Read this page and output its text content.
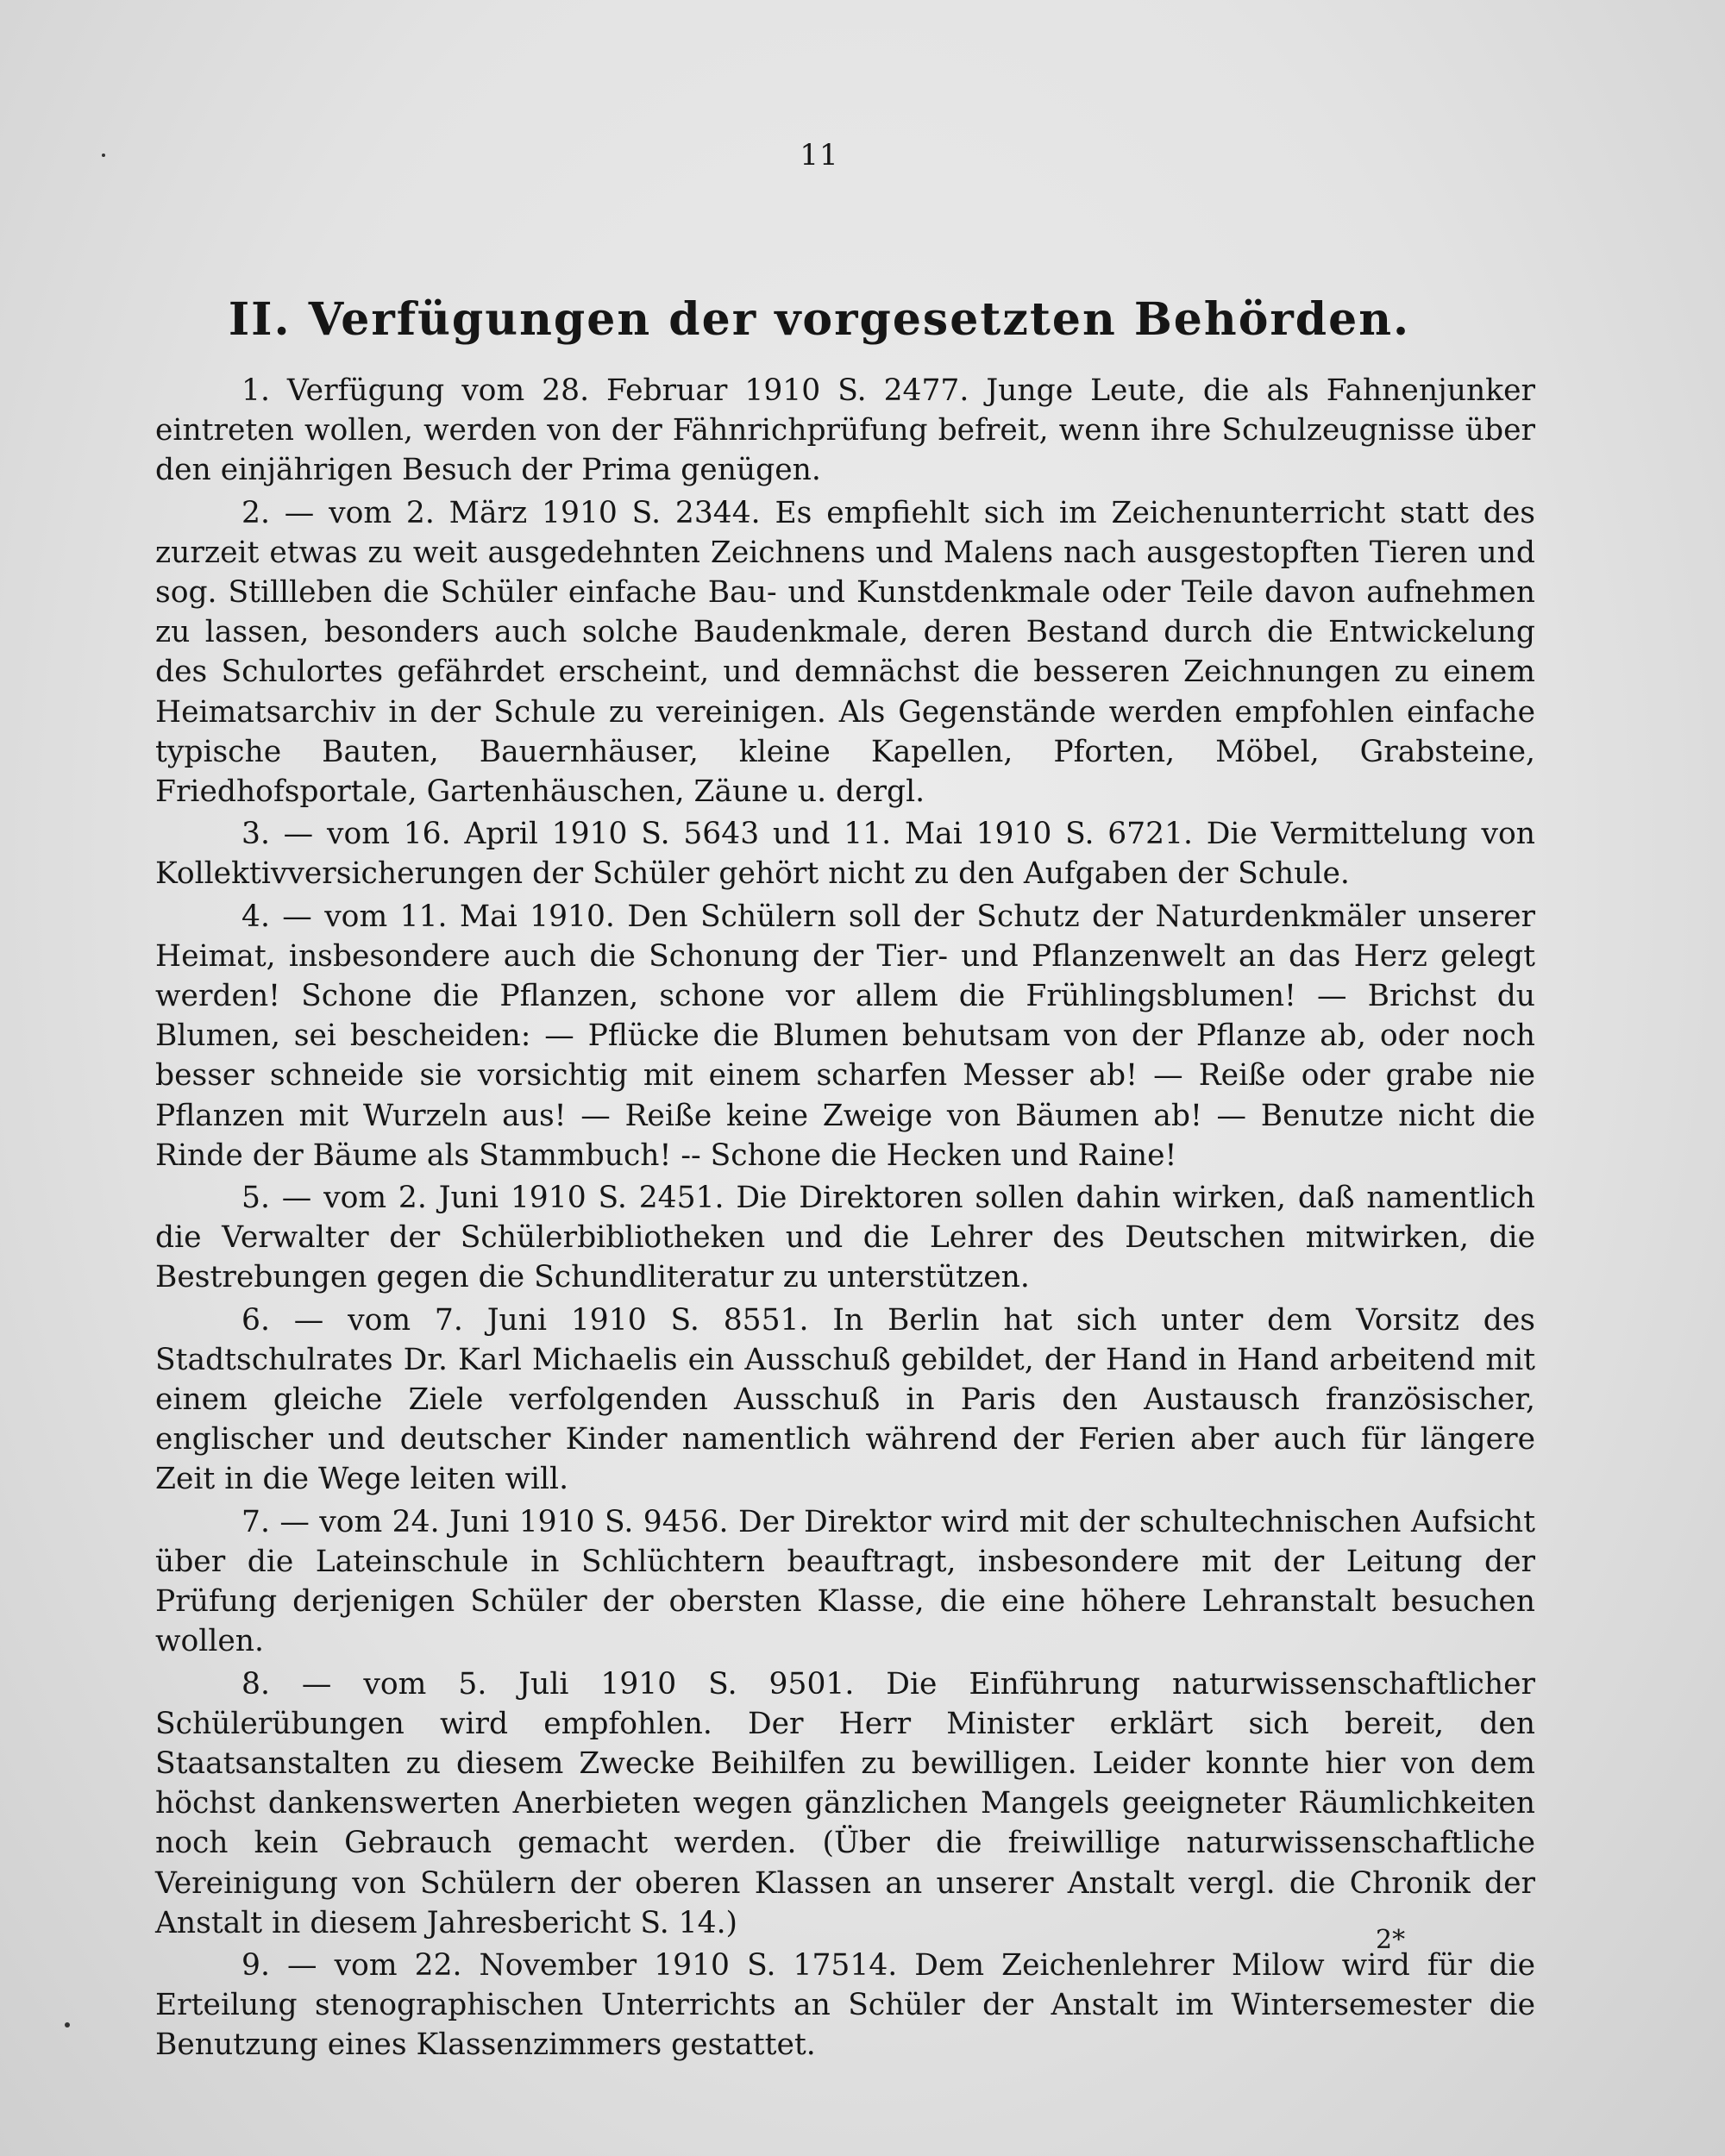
11
II. Verfügungen der vorgesetzten Behörden.

1. Verfügung vom 28. Februar 1910 S. 2477. Junge Leute, die als Fahnenjunker eintreten wollen, werden von der Fähnrichprüfung befreit, wenn ihre Schulzeugnisse über den einjährigen Besuch der Prima genügen.

2. — vom 2. März 1910 S. 2344. Es empfiehlt sich im Zeichenunterricht statt des zurzeit etwas zu weit ausgedehnten Zeichnens und Malens nach ausgestopften Tieren und sog. Stillleben die Schüler einfache Bau- und Kunstdenkmale oder Teile davon aufnehmen zu lassen, besonders auch solche Baudenkmale, deren Bestand durch die Entwickelung des Schulortes gefährdet erscheint, und demnächst die besseren Zeichnungen zu einem Heimatsarchiv in der Schule zu vereinigen. Als Gegenstände werden empfohlen einfache typische Bauten, Bauernhäuser, kleine Kapellen, Pforten, Möbel, Grabsteine, Friedhofsportale, Gartenhäuschen, Zäune u. dergl.

3. — vom 16. April 1910 S. 5643 und 11. Mai 1910 S. 6721. Die Vermittelung von Kollektivversicherungen der Schüler gehört nicht zu den Aufgaben der Schule.

4. — vom 11. Mai 1910. Den Schülern soll der Schutz der Naturdenkmäler unserer Heimat, insbesondere auch die Schonung der Tier- und Pflanzenwelt an das Herz gelegt werden! Schone die Pflanzen, schone vor allem die Frühlingsblumen! — Brichst du Blumen, sei bescheiden: — Pflücke die Blumen behutsam von der Pflanze ab, oder noch besser schneide sie vorsichtig mit einem scharfen Messer ab! — Reiße oder grabe nie Pflanzen mit Wurzeln aus! — Reiße keine Zweige von Bäumen ab! — Benutze nicht die Rinde der Bäume als Stammbuch! -- Schone die Hecken und Raine!

5. — vom 2. Juni 1910 S. 2451. Die Direktoren sollen dahin wirken, daß namentlich die Verwalter der Schülerbibliotheken und die Lehrer des Deutschen mitwirken, die Bestrebungen gegen die Schundliteratur zu unterstützen.

6. — vom 7. Juni 1910 S. 8551. In Berlin hat sich unter dem Vorsitz des Stadtschulrates Dr. Karl Michaelis ein Ausschuß gebildet, der Hand in Hand arbeitend mit einem gleiche Ziele verfolgenden Ausschuß in Paris den Austausch französischer, englischer und deutscher Kinder namentlich während der Ferien aber auch für längere Zeit in die Wege leiten will.

7. — vom 24. Juni 1910 S. 9456. Der Direktor wird mit der schultechnischen Aufsicht über die Lateinschule in Schlüchtern beauftragt, insbesondere mit der Leitung der Prüfung derjenigen Schüler der obersten Klasse, die eine höhere Lehranstalt besuchen wollen.

8. — vom 5. Juli 1910 S. 9501. Die Einführung naturwissenschaftlicher Schülerübungen wird empfohlen. Der Herr Minister erklärt sich bereit, den Staatsanstalten zu diesem Zwecke Beihilfen zu bewilligen. Leider konnte hier von dem höchst dankenswerten Anerbieten wegen gänzlichen Mangels geeigneter Räumlichkeiten noch kein Gebrauch gemacht werden. (Über die freiwillige naturwissenschaftliche Vereinigung von Schülern der oberen Klassen an unserer Anstalt vergl. die Chronik der Anstalt in diesem Jahresbericht S. 14.)

9. — vom 22. November 1910 S. 17514. Dem Zeichenlehrer Milow wird für die Erteilung stenographischen Unterrichts an Schüler der Anstalt im Wintersemester die Benutzung eines Klassenzimmers gestattet.

2*
